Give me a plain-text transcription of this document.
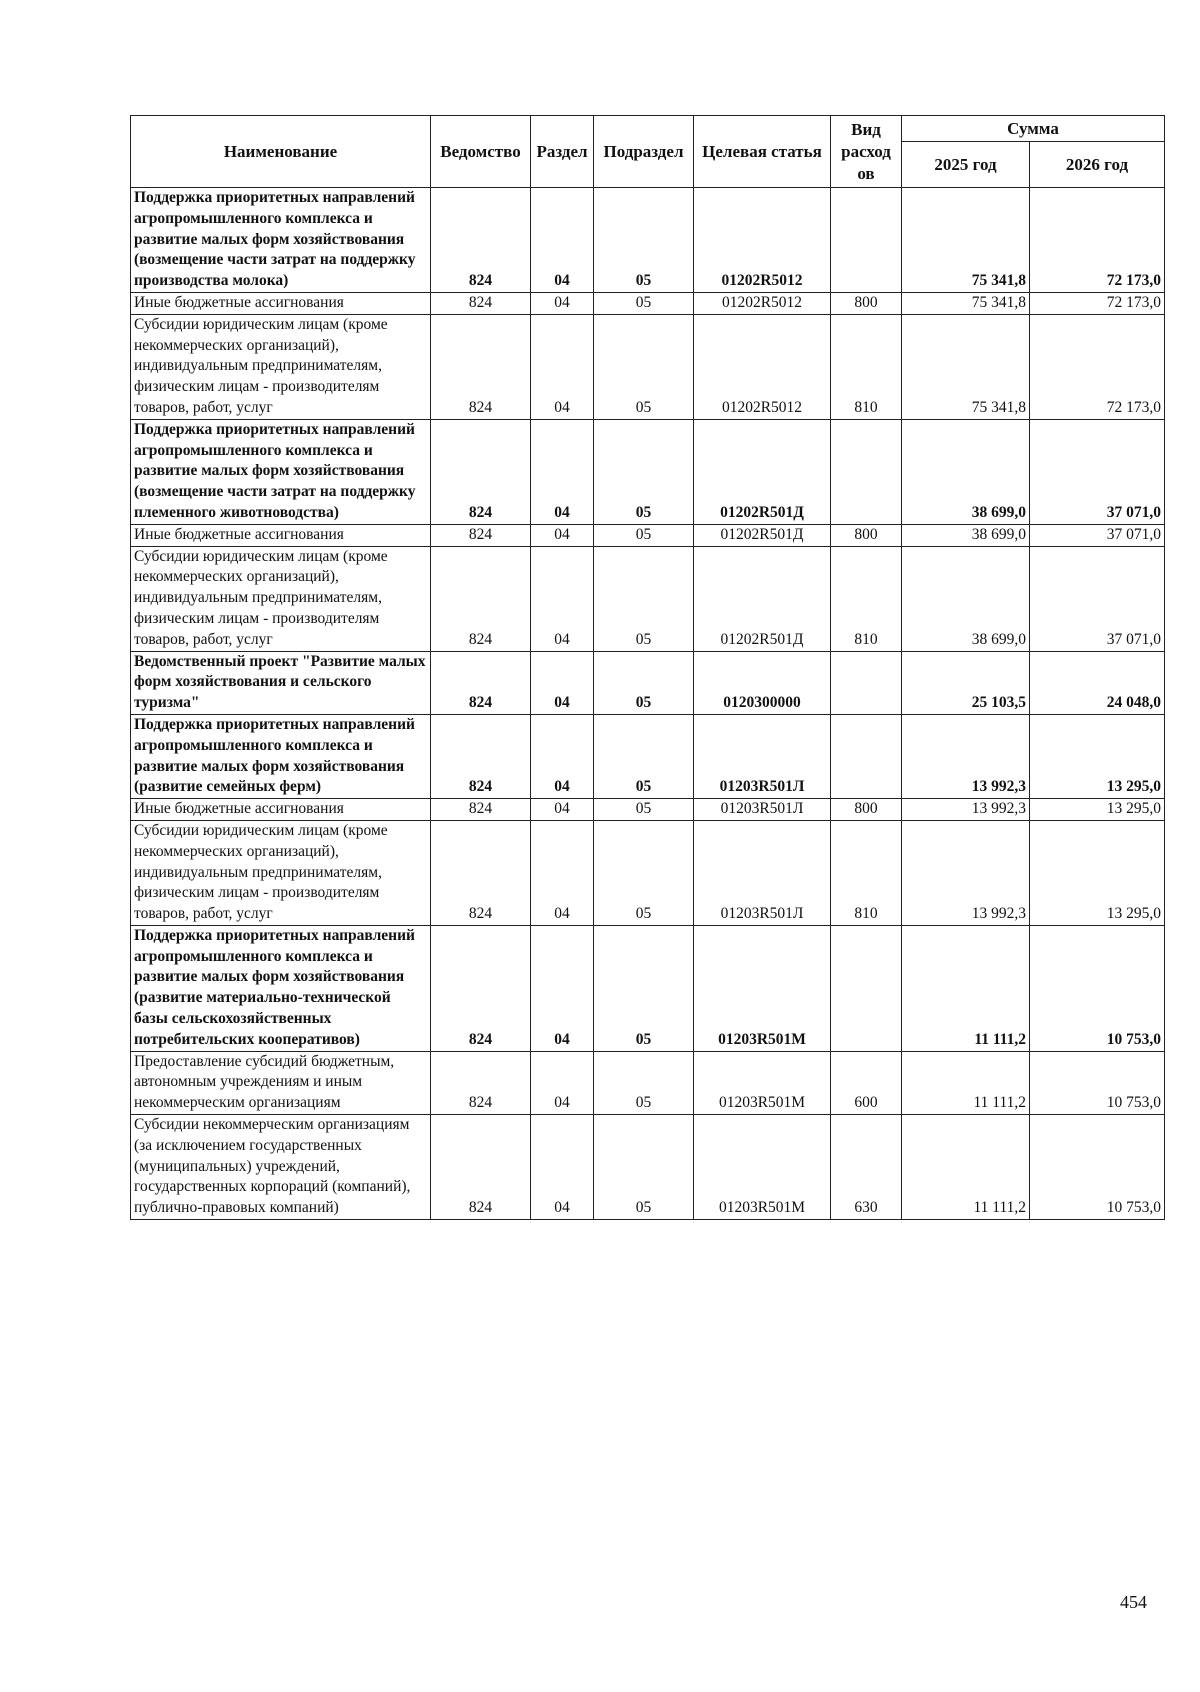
Наименование	Ведомство	Раздел	Подраздел	Целевая статья	Вид расход ов	Сумма	
						2025 год	2026 год
Поддержка приоритетных направлений агропромышленного комплекса и развитие малых форм хозяйствования (возмещение части затрат на поддержку производства молока)	824	04	05	01202R5012		75 341,8	72 173,0
Иные бюджетные ассигнования	824	04	05	01202R5012	800	75 341,8	72 173,0
Субсидии юридическим лицам (кроме некоммерческих организаций), индивидуальным предпринимателям, физическим лицам - производителям товаров, работ, услуг	824	04	05	01202R5012	810	75 341,8	72 173,0
Поддержка приоритетных направлений агропромышленного комплекса и развитие малых форм хозяйствования (возмещение части затрат на поддержку племенного животноводства)	824	04	05	01202R501Д		38 699,0	37 071,0
Иные бюджетные ассигнования	824	04	05	01202R501Д	800	38 699,0	37 071,0
Субсидии юридическим лицам (кроме некоммерческих организаций), индивидуальным предпринимателям, физическим лицам - производителям товаров, работ, услуг	824	04	05	01202R501Д	810	38 699,0	37 071,0
Ведомственный проект "Развитие малых форм хозяйствования и сельского туризма"	824	04	05	0120300000		25 103,5	24 048,0
Поддержка приоритетных направлений агропромышленного комплекса и развитие малых форм хозяйствования (развитие семейных ферм)	824	04	05	01203R501Л		13 992,3	13 295,0
Иные бюджетные ассигнования	824	04	05	01203R501Л	800	13 992,3	13 295,0
Субсидии юридическим лицам (кроме некоммерческих организаций), индивидуальным предпринимателям, физическим лицам - производителям товаров, работ, услуг	824	04	05	01203R501Л	810	13 992,3	13 295,0
Поддержка приоритетных направлений агропромышленного комплекса и развитие малых форм хозяйствования (развитие материально-технической базы сельскохозяйственных потребительских кооперативов)	824	04	05	01203R501М		11 111,2	10 753,0
Предоставление субсидий бюджетным, автономным учреждениям и иным некоммерческим организациям	824	04	05	01203R501М	600	11 111,2	10 753,0
Субсидии некоммерческим организациям (за исключением государственных (муниципальных) учреждений, государственных корпораций (компаний), публично-правовых компаний)	824	04	05	01203R501М	630	11 111,2	10 753,0
454
